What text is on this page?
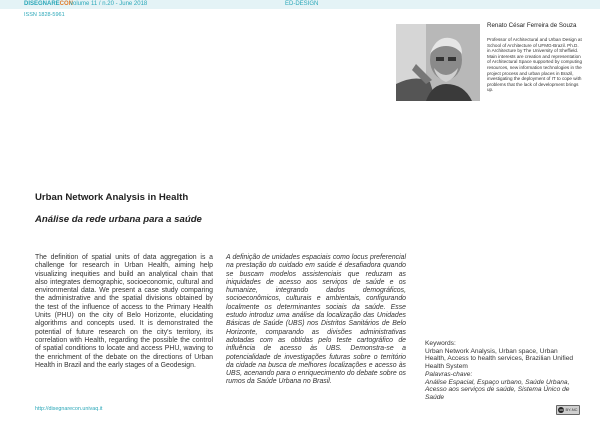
DISEGNARECON
volume 11 / n.20 - June 2018	ED-DESIGN
ISSN 1828-5961
Renato César Ferreira de Souza
Professor of Architectural and Urban Design at School of Architecture of UFMG-Brazil. Ph.D. in Architecture by The University of Sheffield. Main interests are creation and representation of Architectural Space supported by computing resources, new information technologies in the project process and urban places in Brazil, investigating the deployment of IT to cope with problems that the lack of development brings up.
Urban Network Analysis in Health
Análise da rede urbana para a saúde
The definition of spatial units of data aggregation is a challenge for research in Urban Health, aiming help visualizing inequities and build an analytical chain that also integrates demographic, socioeconomic, cultural and environmental data. We present a case study comparing the administrative and the spatial divisions obtained by the test of the influence of access to the Primary Health Units (PHU) on the city of Belo Horizonte, elucidating algorithms and concepts used. It is demonstrated the potential of future research on the city's territory, its correlation with Health, regarding the possible the control of spatial conditions to locate and access PHU, waving to the enrichment of the debate on the directions of Urban Health in Brazil and the early stages of a Geodesign.
A definição de unidades espaciais como locus preferencial na prestação do cuidado em saúde é desafiadora quando se buscam modelos assistenciais que reduzam as iniquidades de acesso aos serviços de saúde e os humanize, integrando dados demográficos, socioeconômicos, culturais e ambientais, configurando localmente os determinantes sociais da saúde. Esse estudo introduz uma análise da localização das Unidades Básicas de Saúde (UBS) nos Distritos Sanitários de Belo Horizonte, comparando as divisões administrativas adotadas com as obtidas pelo teste cartográfico de influência de acesso às UBS. Demonstra-se a potencialidade de investigações futuras sobre o território da cidade na busca de melhores localizações e acesso às UBS, acenando para o enriquecimento do debate sobre os rumos da Saúde Urbana no Brasil.
Keywords:
Urban Network Analysis, Urban space, Urban Health, Access to health services, Brazilian Unified Health System
Palavras-chave:
Análise Espacial, Espaço urbano, Saúde Urbana, Acesso aos serviços de saúde, Sistema Único de Saúde
http://disegnarecon.univaq.it	cc BY-NC
